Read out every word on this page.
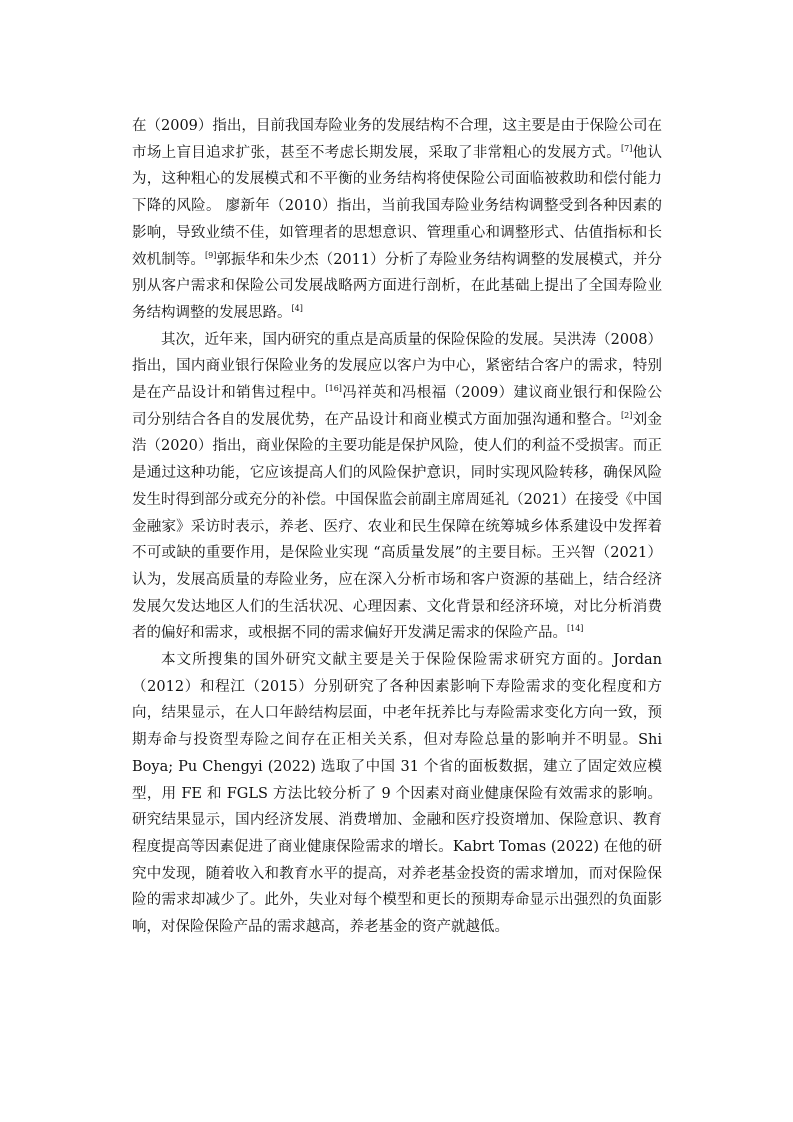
在（2009）指出，目前我国寿险业务的发展结构不合理，这主要是由于保险公司在市场上盲目追求扩张，甚至不考虑长期发展，采取了非常粗心的发展方式。[7]他认为，这种粗心的发展模式和不平衡的业务结构将使保险公司面临被救助和偿付能力下降的风险。 廖新年（2010）指出，当前我国寿险业务结构调整受到各种因素的影响，导致业绩不佳，如管理者的思想意识、管理重心和调整形式、估值指标和长效机制等。[9]郭振华和朱少杰（2011）分析了寿险业务结构调整的发展模式，并分别从客户需求和保险公司发展战略两方面进行剖析，在此基础上提出了全国寿险业务结构调整的发展思路。[4]

其次，近年来，国内研究的重点是高质量的保险保险的发展。吴洪涛（2008）指出，国内商业银行保险业务的发展应以客户为中心，紧密结合客户的需求，特别是在产品设计和销售过程中。[16]冯祥英和冯根福（2009）建议商业银行和保险公司分别结合各自的发展优势，在产品设计和商业模式方面加强沟通和整合。[2]刘金浩（2020）指出，商业保险的主要功能是保护风险，使人们的利益不受损害。而正是通过这种功能，它应该提高人们的风险保护意识，同时实现风险转移，确保风险发生时得到部分或充分的补偿。中国保监会前副主席周延礼（2021）在接受《中国金融家》采访时表示，养老、医疗、农业和民生保障在统筹城乡体系建设中发挥着不可或缺的重要作用，是保险业实现 “高质量发展”的主要目标。王兴智（2021）认为，发展高质量的寿险业务，应在深入分析市场和客户资源的基础上，结合经济发展欠发达地区人们的生活状况、心理因素、文化背景和经济环境，对比分析消费者的偏好和需求，或根据不同的需求偏好开发满足需求的保险产品。[14]

本文所搜集的国外研究文献主要是关于保险保险需求研究方面的。Jordan（2012）和程江（2015）分别研究了各种因素影响下寿险需求的变化程度和方向，结果显示，在人口年龄结构层面，中老年抚养比与寿险需求变化方向一致，预期寿命与投资型寿险之间存在正相关关系，但对寿险总量的影响并不明显。Shi Boya; Pu Chengyi (2022) 选取了中国 31 个省的面板数据，建立了固定效应模型，用 FE 和 FGLS 方法比较分析了 9 个因素对商业健康保险有效需求的影响。研究结果显示，国内经济发展、消费增加、金融和医疗投资增加、保险意识、教育程度提高等因素促进了商业健康保险需求的增长。Kabrt Tomas (2022) 在他的研究中发现，随着收入和教育水平的提高，对养老基金投资的需求增加，而对保险保险的需求却减少了。此外，失业对每个模型和更长的预期寿命显示出强烈的负面影响，对保险保险产品的需求越高，养老基金的资产就越低。
